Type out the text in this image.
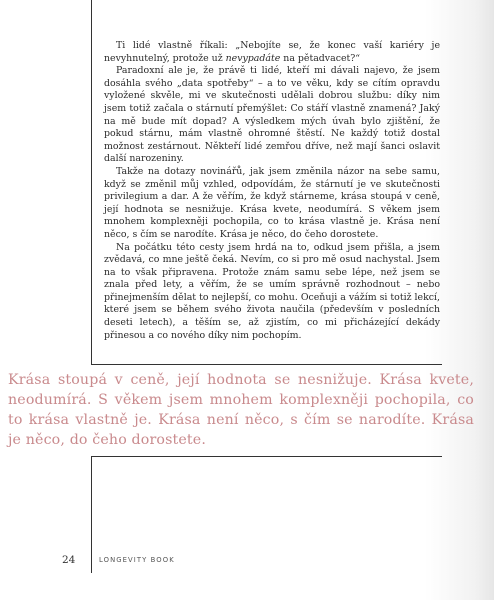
Ti lidé vlastně říkali: „Nebojíte se, že konec vaší kariéry je nevyhnutelný, protože už nevypadáte na pětadvacet?“

Paradoxní ale je, že právě ti lidé, kteří mi dávali najevo, že jsem dosáhla svého „data spotřeby“ – a to ve věku, kdy se cítím opravdu vyložené skvěle, mi ve skutečnosti udělali dobrou službu: díky nim jsem totiž začala o stárnutí přemýšlet: Co stáří vlastně znamená? Jaký na mě bude mít dopad? A výsledkem mých úvah bylo zjištění, že pokud stárnu, mám vlastně ohromné štěstí. Ne každý totiž dostal možnost zestárnout. Někteří lidé zemřou dříve, než mají šanci oslavit další narozeniny.

Takže na dotazy novinářů, jak jsem změnila názor na sebe samu, když se změnil můj vzhled, odpovídám, že stárnutí je ve skutečnosti privilegium a dar. A že věřím, že když stárneme, krása stoupá v ceně, její hodnota se nesnižuje. Krása kvete, neodumírá. S věkem jsem mnohem komplexněji pochopila, co to krása vlastně je. Krása není něco, s čím se narodíte. Krása je něco, do čeho dorostete.

Na počátku této cesty jsem hrdá na to, odkud jsem přišla, a jsem zvědavá, co mne ještě čeká. Nevím, co si pro mě osud nachystal. Jsem na to však připravena. Protože znám samu sebe lépe, než jsem se znala před lety, a věřím, že se umím správně rozhodnout – nebo přinejmenším dělat to nejlepší, co mohu. Oceňuji a vážím si totiž lekcí, které jsem se během svého života naučila (především v posledních deseti letech), a těším se, až zjistím, co mi přicházející dekády přinesou a co nového díky nim pochopím.

Krása stoupá v ceně, její hodnota se nesnižuje. Krása kvete, neodumírá. S věkem jsem mnohem komplexněji pochopila, co to krása vlastně je. Krása není něco, s čím se narodíte. Krása je něco, do čeho dorostete.
24	LONGEVITY BOOK
